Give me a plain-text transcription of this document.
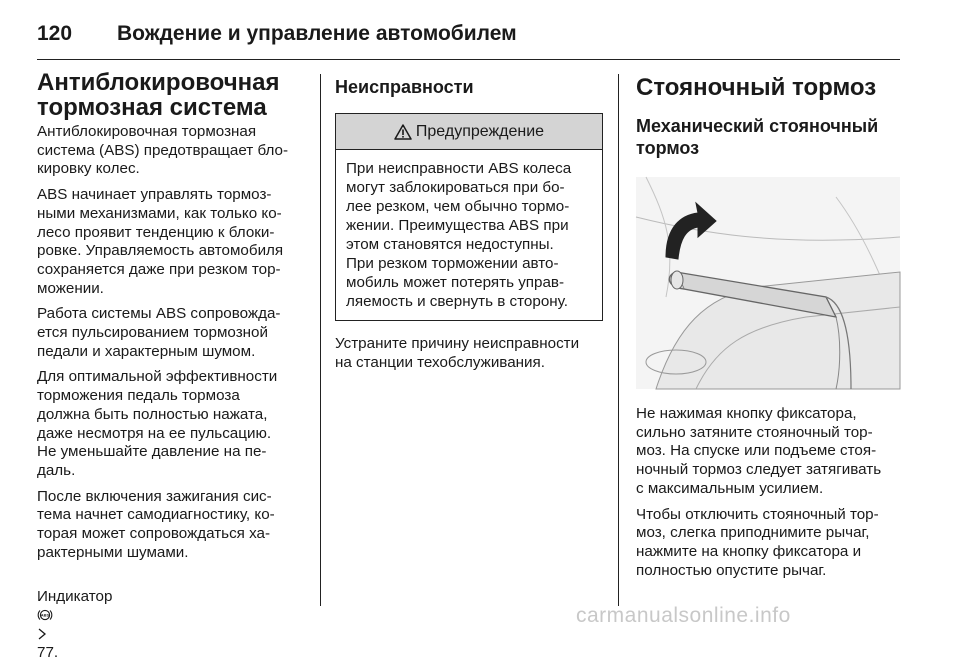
120	Вождение и управление автомобилем
Антиблокировочная
тормозная система

Антиблокировочная тормозная
система (ABS) предотвращает бло-
кировку колес.

ABS начинает управлять тормоз-
ными механизмами, как только ко-
лесо проявит тенденцию к блоки-
ровке. Управляемость автомобиля
сохраняется даже при резком тор-
можении.

Работа системы ABS сопровожда-
ется пульсированием тормозной
педали и характерным шумом.

Для оптимальной эффективности
торможения педаль тормоза
должна быть полностью нажата,
даже несмотря на ее пульсацию.
Не уменьшайте давление на пе-
даль.

После включения зажигания сис-
тема начнет самодиагностику, ко-
торая может сопровождаться ха-
рактерными шумами.

Индикатор

ABS

77.

Неисправности
Предупреждение
При неисправности ABS колеса
могут заблокироваться при бо-
лее резком, чем обычно тормо-
жении. Преимущества ABS при
этом становятся недоступны.
При резком торможении авто-
мобиль может потерять управ-
ляемость и свернуть в сторону.

Устраните причину неисправности
на станции техобслуживания.

Стояночный тормоз
Механический стояночный
тормоз

Не нажимая кнопку фиксатора,
сильно затяните стояночный тор-
моз. На спуске или подъеме стоя-
ночный тормоз следует затягивать
с максимальным усилием.

Чтобы отключить стояночный тор-
моз, слегка приподнимите рычаг,
нажмите на кнопку фиксатора и
полностью опустите рычаг.

carmanualsonline.info
